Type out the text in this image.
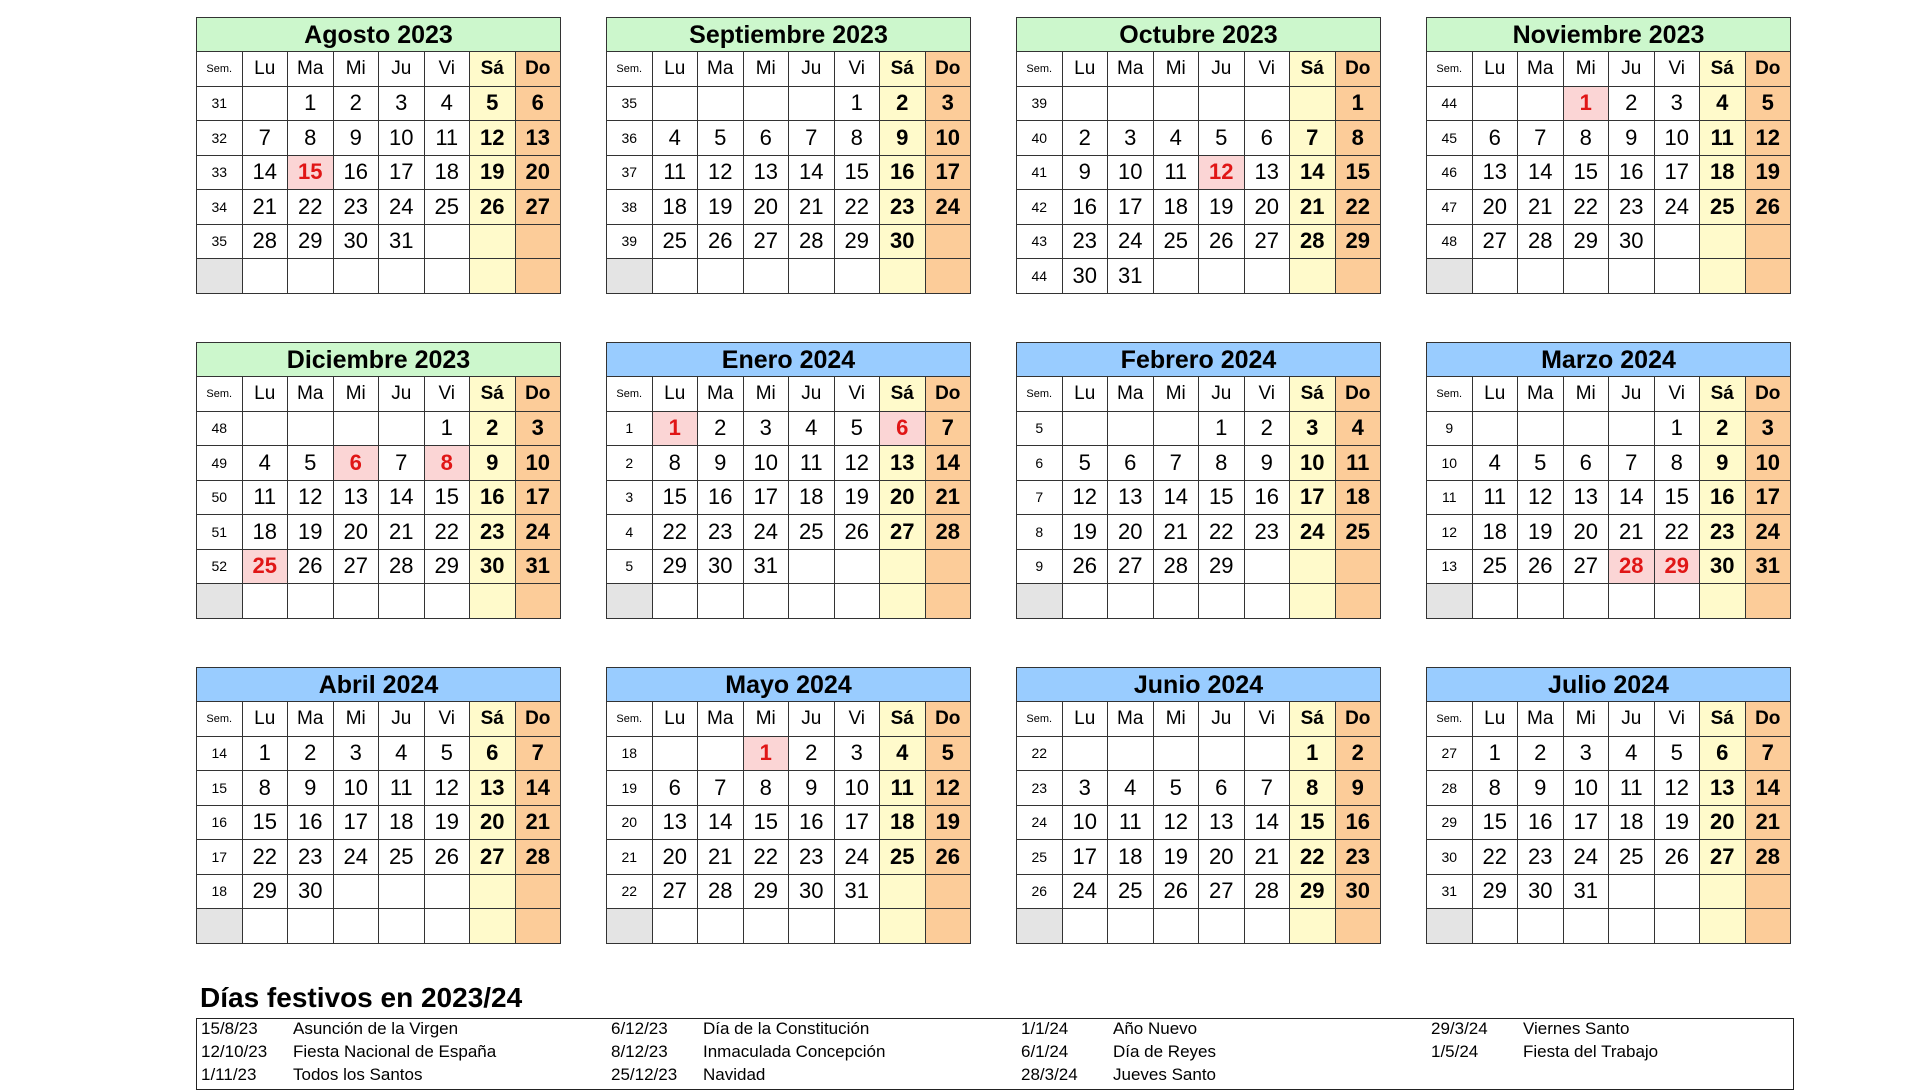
Agosto 2023
Sem.	Lu	Ma	Mi	Ju	Vi	Sá	Do
31		1	2	3	4	5	6
32	7	8	9	10	11	12	13
33	14	15	16	17	18	19	20
34	21	22	23	24	25	26	27
35	28	29	30	31			

Septiembre 2023
Sem.	Lu	Ma	Mi	Ju	Vi	Sá	Do
35					1	2	3
36	4	5	6	7	8	9	10
37	11	12	13	14	15	16	17
38	18	19	20	21	22	23	24
39	25	26	27	28	29	30	

Octubre 2023
Sem.	Lu	Ma	Mi	Ju	Vi	Sá	Do
39							1
40	2	3	4	5	6	7	8
41	9	10	11	12	13	14	15
42	16	17	18	19	20	21	22
43	23	24	25	26	27	28	29
44	30	31					
Noviembre 2023
Sem.	Lu	Ma	Mi	Ju	Vi	Sá	Do
44			1	2	3	4	5
45	6	7	8	9	10	11	12
46	13	14	15	16	17	18	19
47	20	21	22	23	24	25	26
48	27	28	29	30			

Diciembre 2023
Sem.	Lu	Ma	Mi	Ju	Vi	Sá	Do
48					1	2	3
49	4	5	6	7	8	9	10
50	11	12	13	14	15	16	17
51	18	19	20	21	22	23	24
52	25	26	27	28	29	30	31

Enero 2024
Sem.	Lu	Ma	Mi	Ju	Vi	Sá	Do
1	1	2	3	4	5	6	7
2	8	9	10	11	12	13	14
3	15	16	17	18	19	20	21
4	22	23	24	25	26	27	28
5	29	30	31				

Febrero 2024
Sem.	Lu	Ma	Mi	Ju	Vi	Sá	Do
5				1	2	3	4
6	5	6	7	8	9	10	11
7	12	13	14	15	16	17	18
8	19	20	21	22	23	24	25
9	26	27	28	29			

Marzo 2024
Sem.	Lu	Ma	Mi	Ju	Vi	Sá	Do
9					1	2	3
10	4	5	6	7	8	9	10
11	11	12	13	14	15	16	17
12	18	19	20	21	22	23	24
13	25	26	27	28	29	30	31

Abril 2024
Sem.	Lu	Ma	Mi	Ju	Vi	Sá	Do
14	1	2	3	4	5	6	7
15	8	9	10	11	12	13	14
16	15	16	17	18	19	20	21
17	22	23	24	25	26	27	28
18	29	30					

Mayo 2024
Sem.	Lu	Ma	Mi	Ju	Vi	Sá	Do
18			1	2	3	4	5
19	6	7	8	9	10	11	12
20	13	14	15	16	17	18	19
21	20	21	22	23	24	25	26
22	27	28	29	30	31		

Junio 2024
Sem.	Lu	Ma	Mi	Ju	Vi	Sá	Do
22						1	2
23	3	4	5	6	7	8	9
24	10	11	12	13	14	15	16
25	17	18	19	20	21	22	23
26	24	25	26	27	28	29	30

Julio 2024
Sem.	Lu	Ma	Mi	Ju	Vi	Sá	Do
27	1	2	3	4	5	6	7
28	8	9	10	11	12	13	14
29	15	16	17	18	19	20	21
30	22	23	24	25	26	27	28
31	29	30	31				

Días festivos en 2023/24
15/8/23 Asunción de la Virgen
12/10/23 Fiesta Nacional de España
1/11/23 Todos los Santos
6/12/23 Día de la Constitución
8/12/23 Inmaculada Concepción
25/12/23 Navidad
1/1/24	Año Nuevo
6/1/24	Día de Reyes
28/3/24 Jueves Santo
29/3/24 Viernes Santo
1/5/24	Fiesta del Trabajo
